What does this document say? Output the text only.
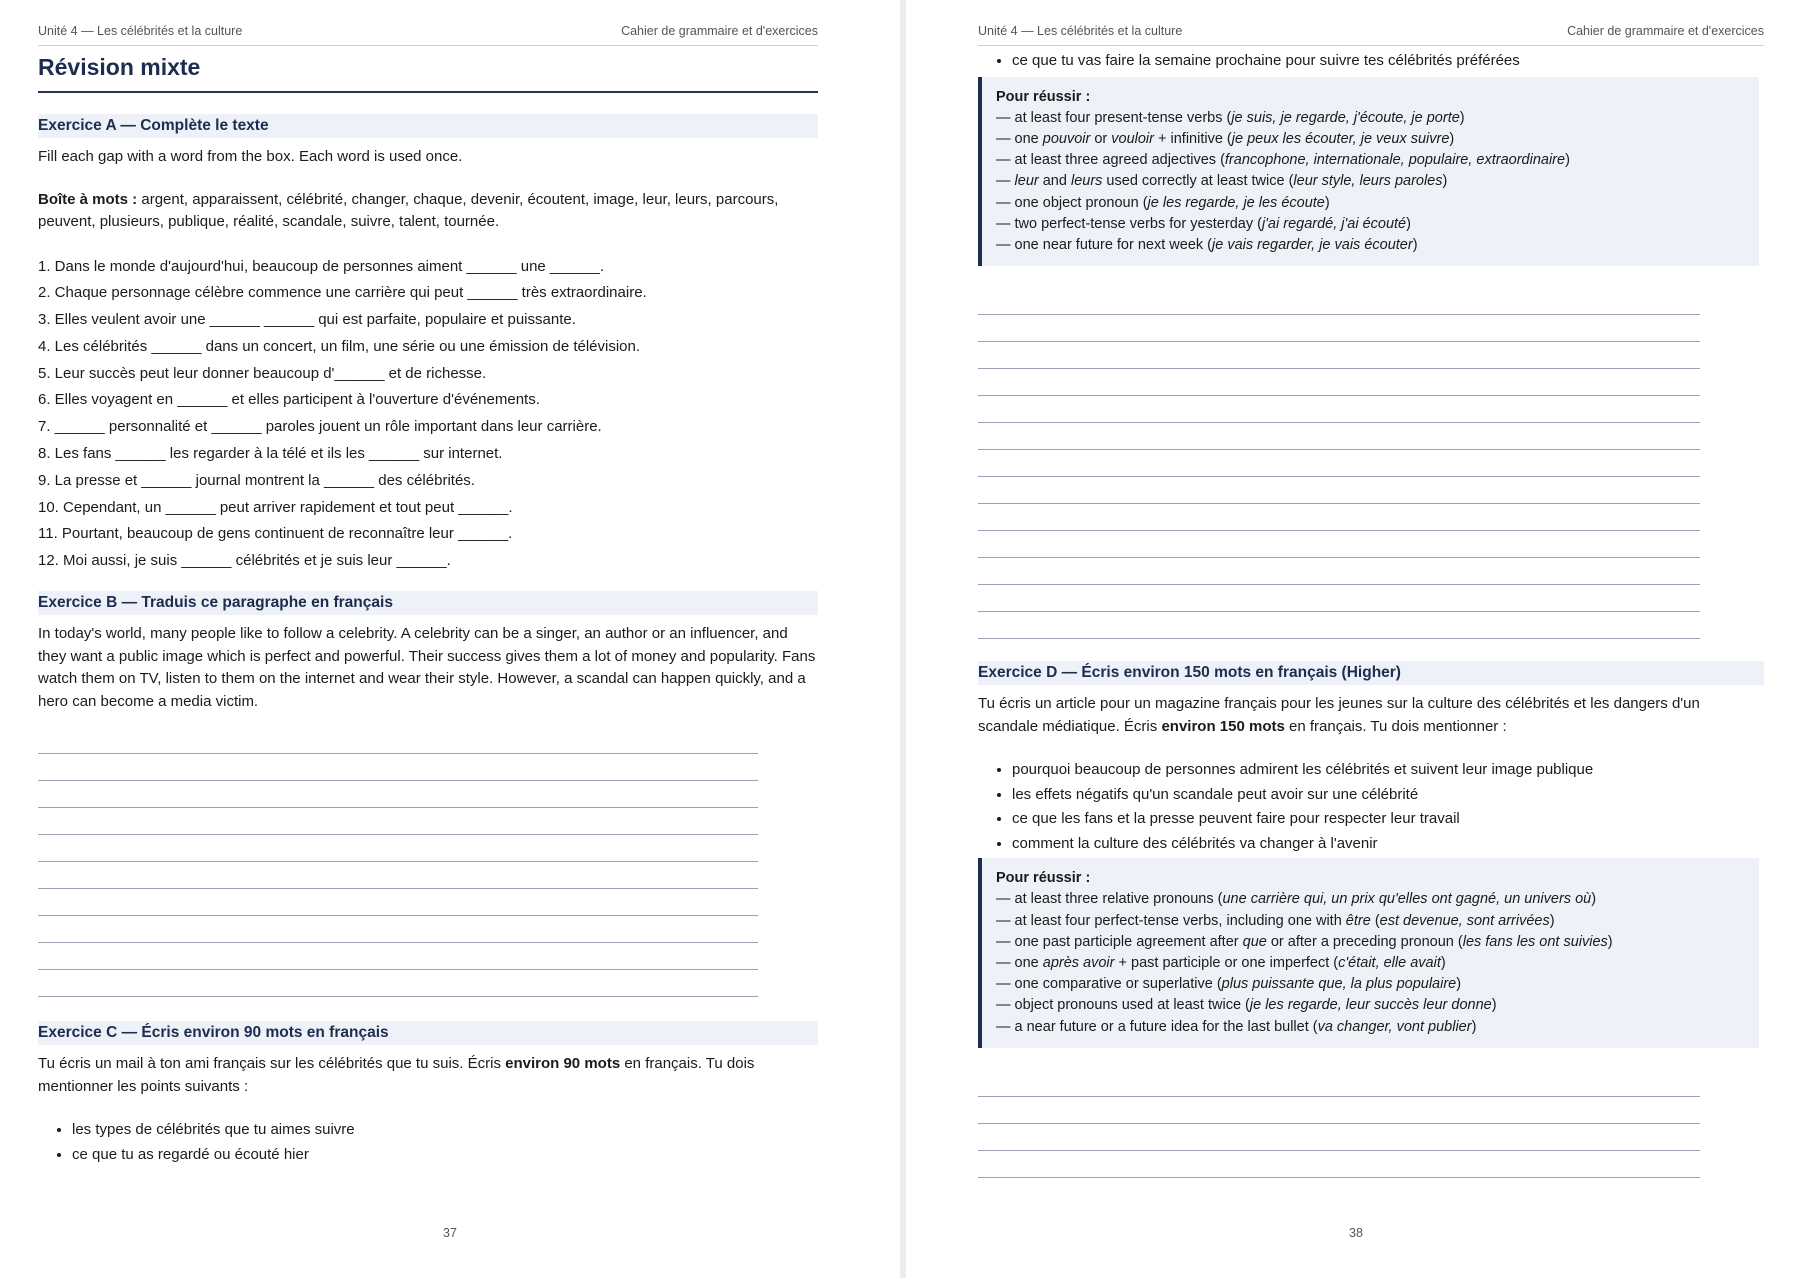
Unité 4 — Les célébrités et la culture	Cahier de grammaire et d'exercices
Révision mixte
Exercice A — Complète le texte

Fill each gap with a word from the box. Each word is used once.

Boîte à mots : argent, apparaissent, célébrité, changer, chaque, devenir, écoutent, image, leur, leurs, parcours, peuvent, plusieurs, publique, réalité, scandale, suivre, talent, tournée.

1. Dans le monde d'aujourd'hui, beaucoup de personnes aiment ______ une ______.
2. Chaque personnage célèbre commence une carrière qui peut ______ très extraordinaire.
3. Elles veulent avoir une ______ ______ qui est parfaite, populaire et puissante.
4. Les célébrités ______ dans un concert, un film, une série ou une émission de télévision.
5. Leur succès peut leur donner beaucoup d'______ et de richesse.
6. Elles voyagent en ______ et elles participent à l'ouverture d'événements.
7. ______ personnalité et ______ paroles jouent un rôle important dans leur carrière.
8. Les fans ______ les regarder à la télé et ils les ______ sur internet.
9. La presse et ______ journal montrent la ______ des célébrités.
10. Cependant, un ______ peut arriver rapidement et tout peut ______.
11. Pourtant, beaucoup de gens continuent de reconnaître leur ______.
12. Moi aussi, je suis ______ célébrités et je suis leur ______.
Exercice B — Traduis ce paragraphe en français

In today's world, many people like to follow a celebrity. A celebrity can be a singer, an author or an influencer, and they want a public image which is perfect and powerful. Their success gives them a lot of money and popularity. Fans watch them on TV, listen to them on the internet and wear their style. However, a scandal can happen quickly, and a hero can become a media victim.

Exercice C — Écris environ 90 mots en français

Tu écris un mail à ton ami français sur les célébrités que tu suis. Écris environ 90 mots en français. Tu dois mentionner les points suivants :

• les types de célébrités que tu aimes suivre
• ce que tu as regardé ou écouté hier
37
Unité 4 — Les célébrités et la culture	Cahier de grammaire et d'exercices
• ce que tu vas faire la semaine prochaine pour suivre tes célébrités préférées
Pour réussir :
— at least four present-tense verbs (je suis, je regarde, j'écoute, je porte)
— one pouvoir or vouloir + infinitive (je peux les écouter, je veux suivre)
— at least three agreed adjectives (francophone, internationale, populaire, extraordinaire)
— leur and leurs used correctly at least twice (leur style, leurs paroles)
— one object pronoun (je les regarde, je les écoute)
— two perfect-tense verbs for yesterday (j'ai regardé, j'ai écouté)
— one near future for next week (je vais regarder, je vais écouter)
Exercice D — Écris environ 150 mots en français (Higher)

Tu écris un article pour un magazine français pour les jeunes sur la culture des célébrités et les dangers d'un scandale médiatique. Écris environ 150 mots en français. Tu dois mentionner :

• pourquoi beaucoup de personnes admirent les célébrités et suivent leur image publique
• les effets négatifs qu'un scandale peut avoir sur une célébrité
• ce que les fans et la presse peuvent faire pour respecter leur travail
• comment la culture des célébrités va changer à l'avenir
Pour réussir :
— at least three relative pronouns (une carrière qui, un prix qu'elles ont gagné, un univers où)
— at least four perfect-tense verbs, including one with être (est devenue, sont arrivées)
— one past participle agreement after que or after a preceding pronoun (les fans les ont suivies)
— one après avoir + past participle or one imperfect (c'était, elle avait)
— one comparative or superlative (plus puissante que, la plus populaire)
— object pronouns used at least twice (je les regarde, leur succès leur donne)
— a near future or a future idea for the last bullet (va changer, vont publier)
38
